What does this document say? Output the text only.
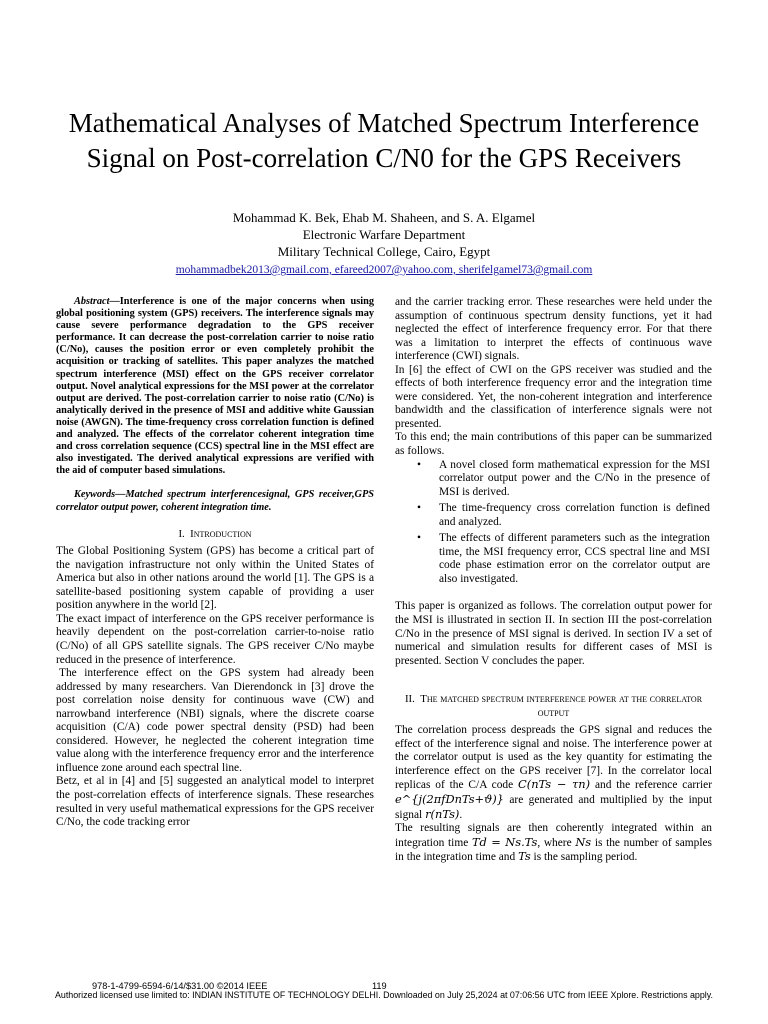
Mathematical Analyses of Matched Spectrum Interference Signal on Post-correlation C/N0 for the GPS Receivers
Mohammad K. Bek, Ehab M. Shaheen, and S. A. Elgamel
Electronic Warfare Department
Military Technical College, Cairo, Egypt
mohammadbek2013@gmail.com, efareed2007@yahoo.com, sherifelgamel73@gmail.com

Abstract—Interference is one of the major concerns when using global positioning system (GPS) receivers. The interference signals may cause severe performance degradation to the GPS receiver performance. It can decrease the post-correlation carrier to noise ratio (C/No), causes the position error or even completely prohibit the acquisition or tracking of satellites. This paper analyzes the matched spectrum interference (MSI) effect on the GPS receiver correlator output. Novel analytical expressions for the MSI power at the correlator output are derived. The post-correlation carrier to noise ratio (C/No) is analytically derived in the presence of MSI and additive white Gaussian noise (AWGN). The time-frequency cross correlation function is defined and analyzed. The effects of the correlator coherent integration time and cross correlation sequence (CCS) spectral line in the MSI effect are also investigated. The derived analytical expressions are verified with the aid of computer based simulations.

Keywords—Matched spectrum interferencesignal, GPS receiver,GPS correlator output power, coherent integration time.

I. Introduction

The Global Positioning System (GPS) has become a critical part of the navigation infrastructure not only within the United States of America but also in other nations around the world [1]. The GPS is a satellite-based positioning system capable of providing a user position anywhere in the world [2].

The exact impact of interference on the GPS receiver performance is heavily dependent on the post-correlation carrier-to-noise ratio (C/No) of all GPS satellite signals. The GPS receiver C/No maybe reduced in the presence of interference.

The interference effect on the GPS system had already been addressed by many researchers. Van Dierendonck in [3] drove the post correlation noise density for continuous wave (CW) and narrowband interference (NBI) signals, where the discrete coarse acquisition (C/A) code power spectral density (PSD) had been considered. However, he neglected the coherent integration time value along with the interference frequency error and the interference influence zone around each spectral line.

Betz, et al in [4] and [5] suggested an analytical model to interpret the post-correlation effects of interference signals. These researches resulted in very useful mathematical expressions for the GPS receiver C/No, the code tracking error

and the carrier tracking error. These researches were held under the assumption of continuous spectrum density functions, yet it had neglected the effect of interference frequency error. For that there was a limitation to interpret the effects of continuous wave interference (CWI) signals.

In [6] the effect of CWI on the GPS receiver was studied and the effects of both interference frequency error and the integration time were considered. Yet, the non-coherent integration and interference bandwidth and the classification of interference signals were not presented.

To this end; the main contributions of this paper can be summarized as follows.

• A novel closed form mathematical expression for the MSI correlator output power and the C/No in the presence of MSI is derived.
• The time-frequency cross correlation function is defined and analyzed.
• The effects of different parameters such as the integration time, the MSI frequency error, CCS spectral line and MSI code phase estimation error on the correlator output are also investigated.

This paper is organized as follows. The correlation output power for the MSI is illustrated in section II. In section III the post-correlation C/No in the presence of MSI signal is derived. In section IV a set of numerical and simulation results for different cases of MSI is presented. Section V concludes the paper.

II. The matched spectrum interference power at the correlator output

The correlation process despreads the GPS signal and reduces the effect of the interference signal and noise. The interference power at the correlator output is used as the key quantity for estimating the interference effect on the GPS receiver [7]. In the correlator local replicas of the C/A code C(nTs − τn) and the reference carrier e^{j(2πfDnTs+ϑ)} are generated and multiplied by the input signal r(nTs).

The resulting signals are then coherently integrated within an integration time Td = Ns.Ts, where Ns is the number of samples in the integration time and Ts is the sampling period.

978-1-4799-6594-6/14/$31.00 ©2014 IEEE	119
Authorized licensed use limited to: INDIAN INSTITUTE OF TECHNOLOGY DELHI. Downloaded on July 25,2024 at 07:06:56 UTC from IEEE Xplore. Restrictions apply.
